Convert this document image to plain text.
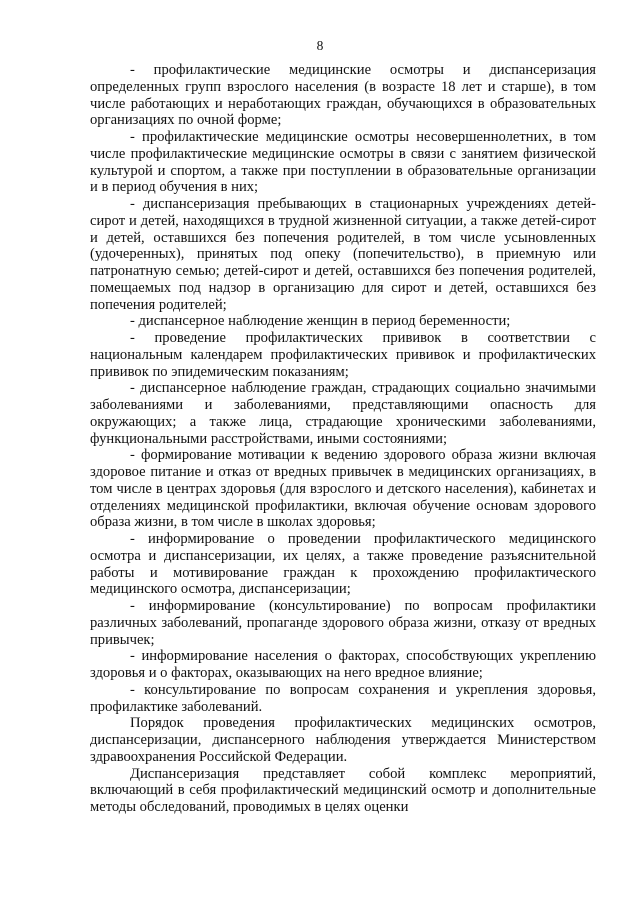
8

- профилактические медицинские осмотры и диспансеризация определенных групп взрослого населения (в возрасте 18 лет и старше), в том числе работающих и неработающих граждан, обучающихся в образовательных организациях по очной форме;

- профилактические медицинские осмотры несовершеннолетних, в том числе профилактические медицинские осмотры в связи с занятием физической культурой и спортом, а также при поступлении в образовательные организации и в период обучения в них;

- диспансеризация пребывающих в стационарных учреждениях детей-сирот и детей, находящихся в трудной жизненной ситуации, а также детей-сирот и детей, оставшихся без попечения родителей, в том числе усыновленных (удочеренных), принятых под опеку (попечительство), в приемную или патронатную семью; детей-сирот и детей, оставшихся без попечения родителей, помещаемых под надзор в организацию для сирот и детей, оставшихся без попечения родителей;

- диспансерное наблюдение женщин в период беременности;

- проведение профилактических прививок в соответствии с национальным календарем профилактических прививок и профилактических прививок по эпидемическим показаниям;

- диспансерное наблюдение граждан, страдающих социально значимыми заболеваниями и заболеваниями, представляющими опасность для окружающих; а также лица, страдающие хроническими заболеваниями, функциональными расстройствами, иными состояниями;

- формирование мотивации к ведению здорового образа жизни включая здоровое питание и отказ от вредных привычек в медицинских организациях, в том числе в центрах здоровья (для взрослого и детского населения), кабинетах и отделениях медицинской профилактики, включая обучение основам здорового образа жизни, в том числе в школах здоровья;

- информирование о проведении профилактического медицинского осмотра и диспансеризации, их целях, а также проведение разъяснительной работы и мотивирование граждан к прохождению профилактического медицинского осмотра, диспансеризации;

- информирование (консультирование) по вопросам профилактики различных заболеваний, пропаганде здорового образа жизни, отказу от вредных привычек;

- информирование населения о факторах, способствующих укреплению здоровья и о факторах, оказывающих на него вредное влияние;

- консультирование по вопросам сохранения и укрепления здоровья, профилактике заболеваний.

Порядок проведения профилактических медицинских осмотров, диспансеризации, диспансерного наблюдения утверждается Министерством здравоохранения Российской Федерации.

Диспансеризация представляет собой комплекс мероприятий, включающий в себя профилактический медицинский осмотр и дополнительные методы обследований, проводимых в целях оценки
